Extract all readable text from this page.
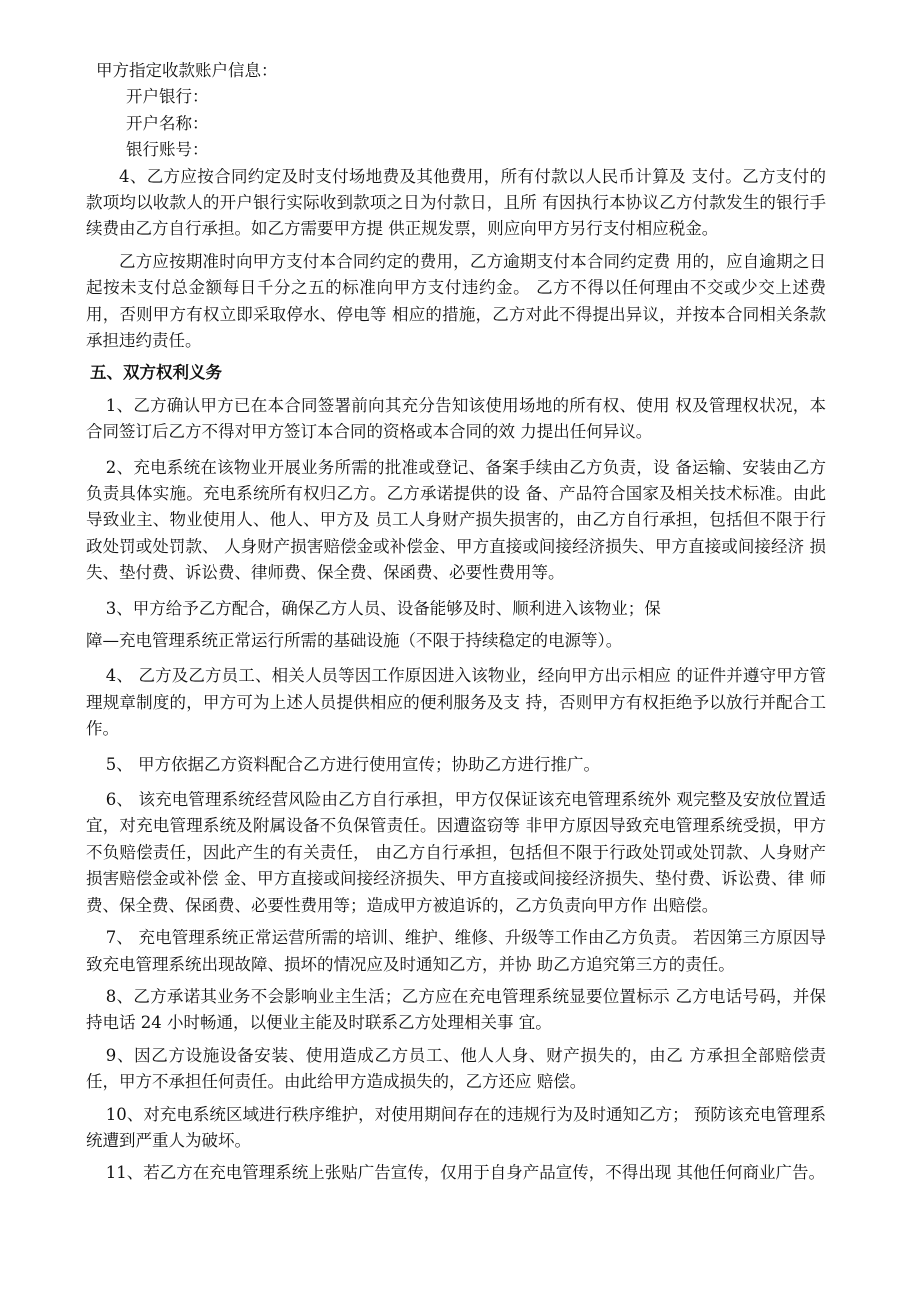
甲方指定收款账户信息：
开户银行：
开户名称：
银行账号：

4、乙方应按合同约定及时支付场地费及其他费用，所有付款以人民币计算及 支付。乙方支付的款项均以收款人的开户银行实际收到款项之日为付款日，且所 有因执行本协议乙方付款发生的银行手续费由乙方自行承担。如乙方需要甲方提 供正规发票，则应向甲方另行支付相应税金。

乙方应按期准时向甲方支付本合同约定的费用，乙方逾期支付本合同约定费 用的，应自逾期之日起按未支付总金额每日千分之五的标准向甲方支付违约金。 乙方不得以任何理由不交或少交上述费用，否则甲方有权立即采取停水、停电等 相应的措施，乙方对此不得提出异议，并按本合同相关条款承担违约责任。

五、双方权利义务

1、乙方确认甲方已在本合同签署前向其充分告知该使用场地的所有权、使用 权及管理权状况，本合同签订后乙方不得对甲方签订本合同的资格或本合同的效 力提出任何异议。

2、充电系统在该物业开展业务所需的批准或登记、备案手续由乙方负责，设 备运输、安装由乙方负责具体实施。充电系统所有权归乙方。乙方承诺提供的设 备、产品符合国家及相关技术标准。由此导致业主、物业使用人、他人、甲方及 员工人身财产损失损害的，由乙方自行承担，包括但不限于行政处罚或处罚款、 人身财产损害赔偿金或补偿金、甲方直接或间接经济损失、甲方直接或间接经济 损失、垫付费、诉讼费、律师费、保全费、保函费、必要性费用等。

3、甲方给予乙方配合，确保乙方人员、设备能够及时、顺利进入该物业；保

障—充电管理系统正常运行所需的基础设施（不限于持续稳定的电源等）。

4、 乙方及乙方员工、相关人员等因工作原因进入该物业，经向甲方出示相应 的证件并遵守甲方管理规章制度的，甲方可为上述人员提供相应的便利服务及支 持，否则甲方有权拒绝予以放行并配合工作。

5、 甲方依据乙方资料配合乙方进行使用宣传；协助乙方进行推广。

6、 该充电管理系统经营风险由乙方自行承担，甲方仅保证该充电管理系统外 观完整及安放位置适宜，对充电管理系统及附属设备不负保管责任。因遭盗窃等 非甲方原因导致充电管理系统受损，甲方不负赔偿责任，因此产生的有关责任， 由乙方自行承担，包括但不限于行政处罚或处罚款、人身财产损害赔偿金或补偿 金、甲方直接或间接经济损失、甲方直接或间接经济损失、垫付费、诉讼费、律 师费、保全费、保函费、必要性费用等；造成甲方被追诉的，乙方负责向甲方作 出赔偿。

7、 充电管理系统正常运营所需的培训、维护、维修、升级等工作由乙方负责。 若因第三方原因导致充电管理系统出现故障、损坏的情况应及时通知乙方，并协 助乙方追究第三方的责任。

8、乙方承诺其业务不会影响业主生活；乙方应在充电管理系统显要位置标示 乙方电话号码，并保持电话 24 小时畅通，以便业主能及时联系乙方处理相关事 宜。

9、因乙方设施设备安装、使用造成乙方员工、他人人身、财产损失的，由乙 方承担全部赔偿责任，甲方不承担任何责任。由此给甲方造成损失的，乙方还应 赔偿。

10、对充电系统区域进行秩序维护，对使用期间存在的违规行为及时通知乙方； 预防该充电管理系统遭到严重人为破坏。

11、若乙方在充电管理系统上张贴广告宣传，仅用于自身产品宣传，不得出现 其他任何商业广告。
